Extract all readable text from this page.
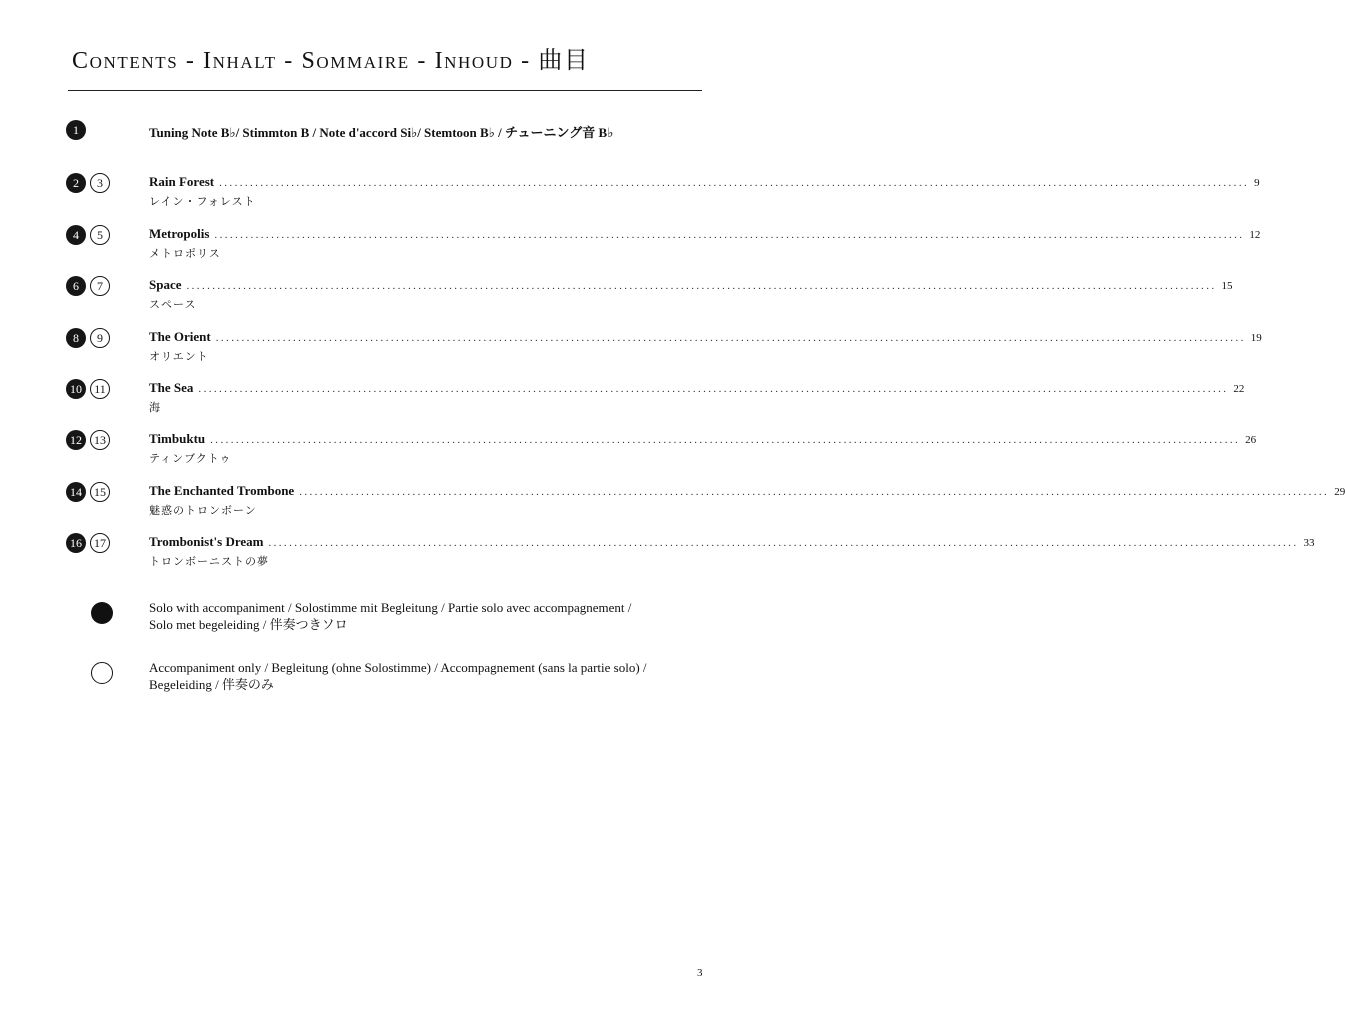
Contents - Inhalt - Sommaire - Inhoud - 曲目
1	Tuning Note B♭/ Stimmton B / Note d'accord Si♭/ Stemtoon B♭ / チューニング音 B♭
2	3	Rain Forest ........................................................................................................................................................................................................ 9
レイン・フォレスト
4	5	Metropolis ........................................................................................................................................................................................................ 12
メトロポリス
6	7	Space ........................................................................................................................................................................................................ 15
スペース
8	9	The Orient ........................................................................................................................................................................................................ 19
オリエント
10	11	The Sea ........................................................................................................................................................................................................ 22
海
12	13	Timbuktu ........................................................................................................................................................................................................ 26
ティンブクトゥ
14	15	The Enchanted Trombone ........................................................................................................................................................................................................ 29
魅惑のトロンボーン
16	17	Trombonist's Dream ........................................................................................................................................................................................................ 33
トロンボーニストの夢
Solo with accompaniment / Solostimme mit Begleitung / Partie solo avec accompagnement /
Solo met begeleiding / 伴奏つきソロ
Accompaniment only / Begleitung (ohne Solostimme) / Accompagnement (sans la partie solo) /
Begeleiding / 伴奏のみ
3
